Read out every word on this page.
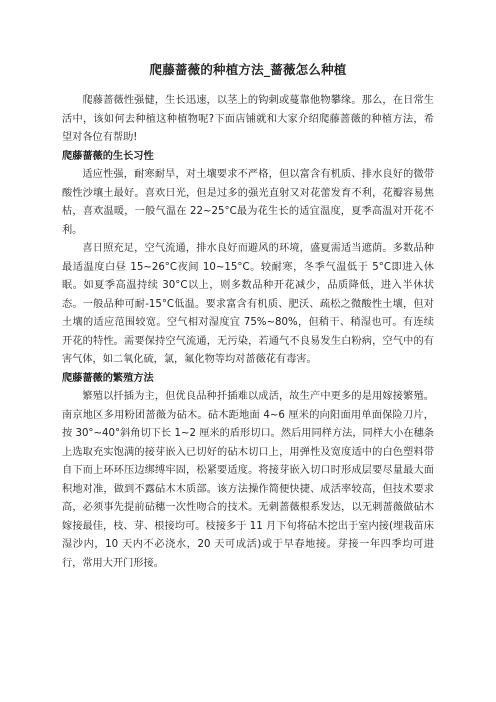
爬藤蔷薇的种植方法_蔷薇怎么种植

爬藤蔷薇性强健，生长迅速，以茎上的钩刺或蔓靠他物攀缘。那么，在日常生活中，该如何去种植这种植物呢?下面店铺就和大家介绍爬藤蔷薇的种植方法，希望对各位有帮助!

爬藤蔷薇的生长习性

适应性强，耐寒耐旱，对土壤要求不严格，但以富含有机质、排水良好的微带酸性沙壤土最好。喜欢日光，但是过多的强光直射又对花蕾发育不利，花瓣容易焦枯，喜欢温暖，一般气温在 22~25°C最为花生长的适宜温度，夏季高温对开花不利。

喜日照充足，空气流通，排水良好而避风的环境，盛夏需适当遮荫。多数品种最适温度白昼 15~26°C夜间 10~15°C。较耐寒，冬季气温低于 5°C即进入休眠。如夏季高温持续 30°C以上，则多数品种开花减少，品质降低，进入半休状态。一般品种可耐-15°C低温。要求富含有机质、肥沃、疏松之微酸性土壤，但对土壤的适应范围较宽。空气相对湿度宜 75%~80%，但稍干、稍湿也可。有连续开花的特性。需要保持空气流通，无污染，若通气不良易发生白粉病，空气中的有害气体，如二氧化硫，氯，氟化物等均对蔷薇花有毒害。

爬藤蔷薇的繁殖方法

繁殖以扦插为主，但优良品种扦插难以成活，故生产中更多的是用嫁接繁殖。南京地区多用粉团蔷薇为砧木。砧木距地面 4~6 厘米的向阳面用单面保险刀片，按 30°~40°斜角切下长 1~2 厘米的盾形切口。然后用同样方法，同样大小在穗条上选取充实饱满的接芽嵌入已切好的砧木切口上，用弹性及宽度适中的白色塑料带自下而上环环压边绑缚牢固，松紧要适度。将接芽嵌入切口时形成层要尽量最大面积地对准，做到不露砧木木质部。该方法操作简便快捷、成活率较高，但技术要求高，必须事先提前砧穗一次性吻合的技术。无刺蔷薇根系发达，以无刺蔷薇做砧木嫁接最佳，枝、芽、根接均可。枝接多于 11 月下旬将砧木挖出于室内接(埋栽苗床湿沙内，10 天内不必浇水，20 天可成活)或于早春地接。芽接一年四季均可进行，常用大开门形接。
